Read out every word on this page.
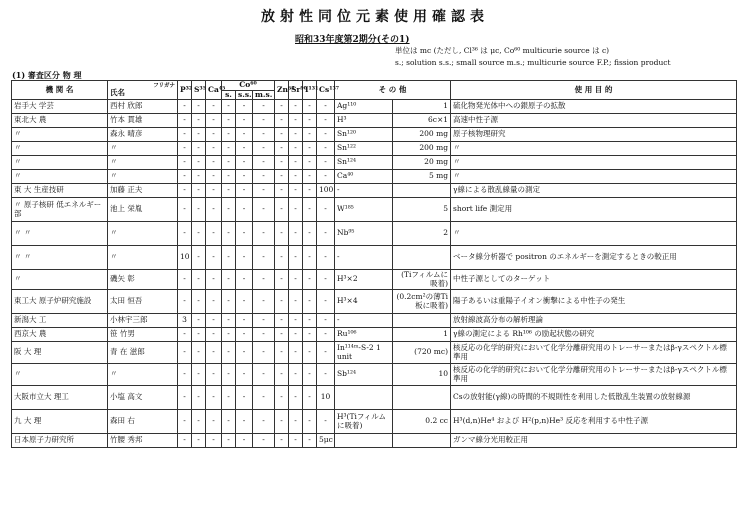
放射性同位元素使用確認表
昭和33年度第2期分(その1)
単位は mc (ただし, Cl³⁶ は μc, Co⁶⁰ multicurie source は c)
s.; solution s.s.; small source m.s.; multicurie source F.P.; fission product
(1) 審査区分 物 理
機 関 名	フリガナ
氏名	P³²	S³⁵	Ca⁴⁵	Co⁶⁰			Zn⁶⁵	Sr⁹⁰	I¹³¹	Cs¹³⁷	そ の 他		使 用 目 的
					s.	s.s.	m.s.							
岩手大 学芸	西村 欣郎	-	-	-	-	-	-	-	-	-	-	Ag¹¹⁰	1	硫化物発光体中への銀原子の拡散
東北大 農	竹本 貫雄	-	-	-	-	-	-	-	-	-	-	H³	6c×1	高速中性子源
〃	森永 晴彦	-	-	-	-	-	-	-	-	-	-	Sn¹²⁰	200 mg	原子核物理研究
〃	〃	-	-	-	-	-	-	-	-	-	-	Sn¹²²	200 mg	〃
〃	〃	-	-	-	-	-	-	-	-	-	-	Sn¹²⁴	20 mg	〃
〃	〃	-	-	-	-	-	-	-	-	-	-	Ca⁴⁰	5 mg	〃
東 大 生産技研	加藤 正夫	-	-	-	-	-	-	-	-	-	100	-		γ線による散乱線量の測定
〃 原子核研 低エネルギー部	池上 栄胤	-	-	-	-	-	-	-	-	-	-	W¹⁸⁵	5	short life 測定用
〃 〃	〃	-	-	-	-	-	-	-	-	-	-	Nb⁹⁵	2	〃
〃 〃	〃	10	-	-	-	-	-	-	-	-	-	-		ベータ線分析器で positron のエネルギーを測定するときの較正用
〃	磯矢 彰	-	-	-	-	-	-	-	-	-	-	H³×2	(Tiフィルムに吸着)	中性子源としてのターゲット
東工大 原子炉研究施設	太田 恒吾	-	-	-	-	-	-	-	-	-	-	H³×4	(0.2cm²の薄Ti板に吸着)	陽子あるいは重陽子イオン衝撃による中性子の発生
新潟大 工	小林宇三郎	3	-	-	-	-	-	-	-	-	-	-		放射線波高分布の解析理論
西京大 農	笹 竹男	-	-	-	-	-	-	-	-	-	-	Ru¹⁰⁶	1	γ線の測定による Rh¹⁰⁶ の励起状態の研究
阪 大 理	青 在 滋郎	-	-	-	-	-	-	-	-	-	-	In¹¹⁴ᵐ-S-2 1 unit	(720 mc)	核反応の化学的研究において化学分離研究用のトレーサーまたはβ-γスペクトル標準用
〃	〃	-	-	-	-	-	-	-	-	-	-	Sb¹²⁴	10	核反応の化学的研究において化学分離研究用のトレーサーまたはβ-γスペクトル標準用
大阪市立大 理工	小塩 高文	-	-	-	-	-	-	-	-	-	10			Csの放射能(γ線)の時間的不規則性を利用した低散乱生装置の放射線源
九 大 理	森田 右	-	-	-	-	-	-	-	-	-	-	H³(Tiフィルムに吸着)	0.2 cc	H³(d,n)He⁴ および H²(p,n)He³ 反応を利用する中性子源
日本原子力研究所	竹腰 秀邦	-	-	-	-	-	-	-	-	-	5μc			ガンマ線分光用較正用
